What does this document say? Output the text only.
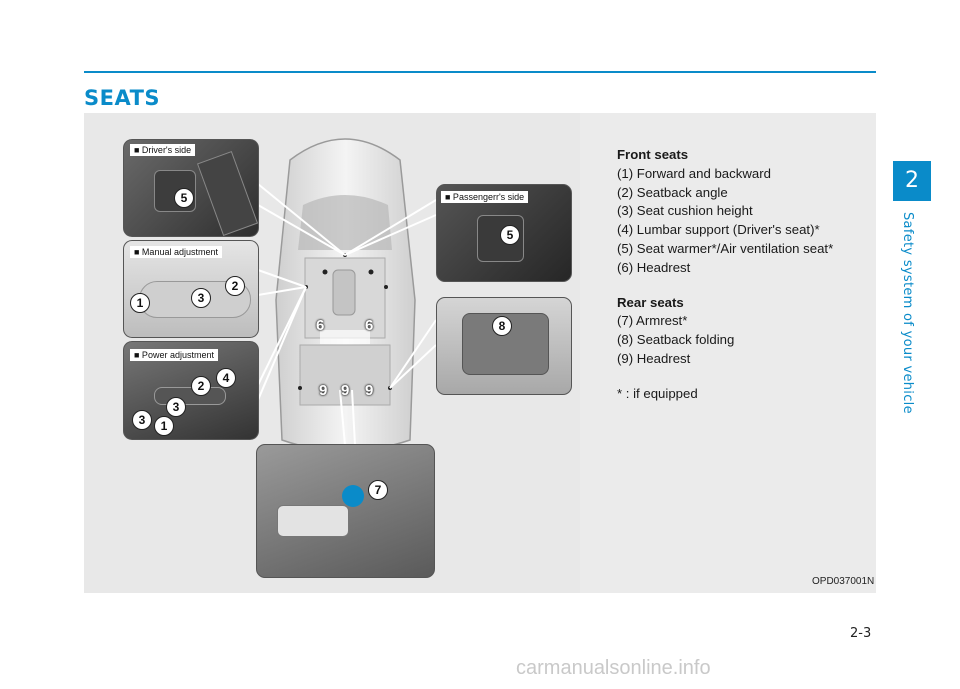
SEATS
2
Safety system of your vehicle
■ Driver's side
5
■ Manual adjustment
1	3
2
■ Power adjustment
2
4
3
3
1
■ Passengerr's side
5
8
7
6	6
9 9 9
Front seats
(1) Forward and backward
(2) Seatback angle
(3) Seat cushion height
(4) Lumbar support (Driver's seat)*
(5) Seat warmer*/Air ventilation seat*
(6) Headrest
Rear seats
(7) Armrest*
(8) Seatback folding
(9) Headrest
* : if equipped
OPD037001N
2-3
carmanualsonline.info
